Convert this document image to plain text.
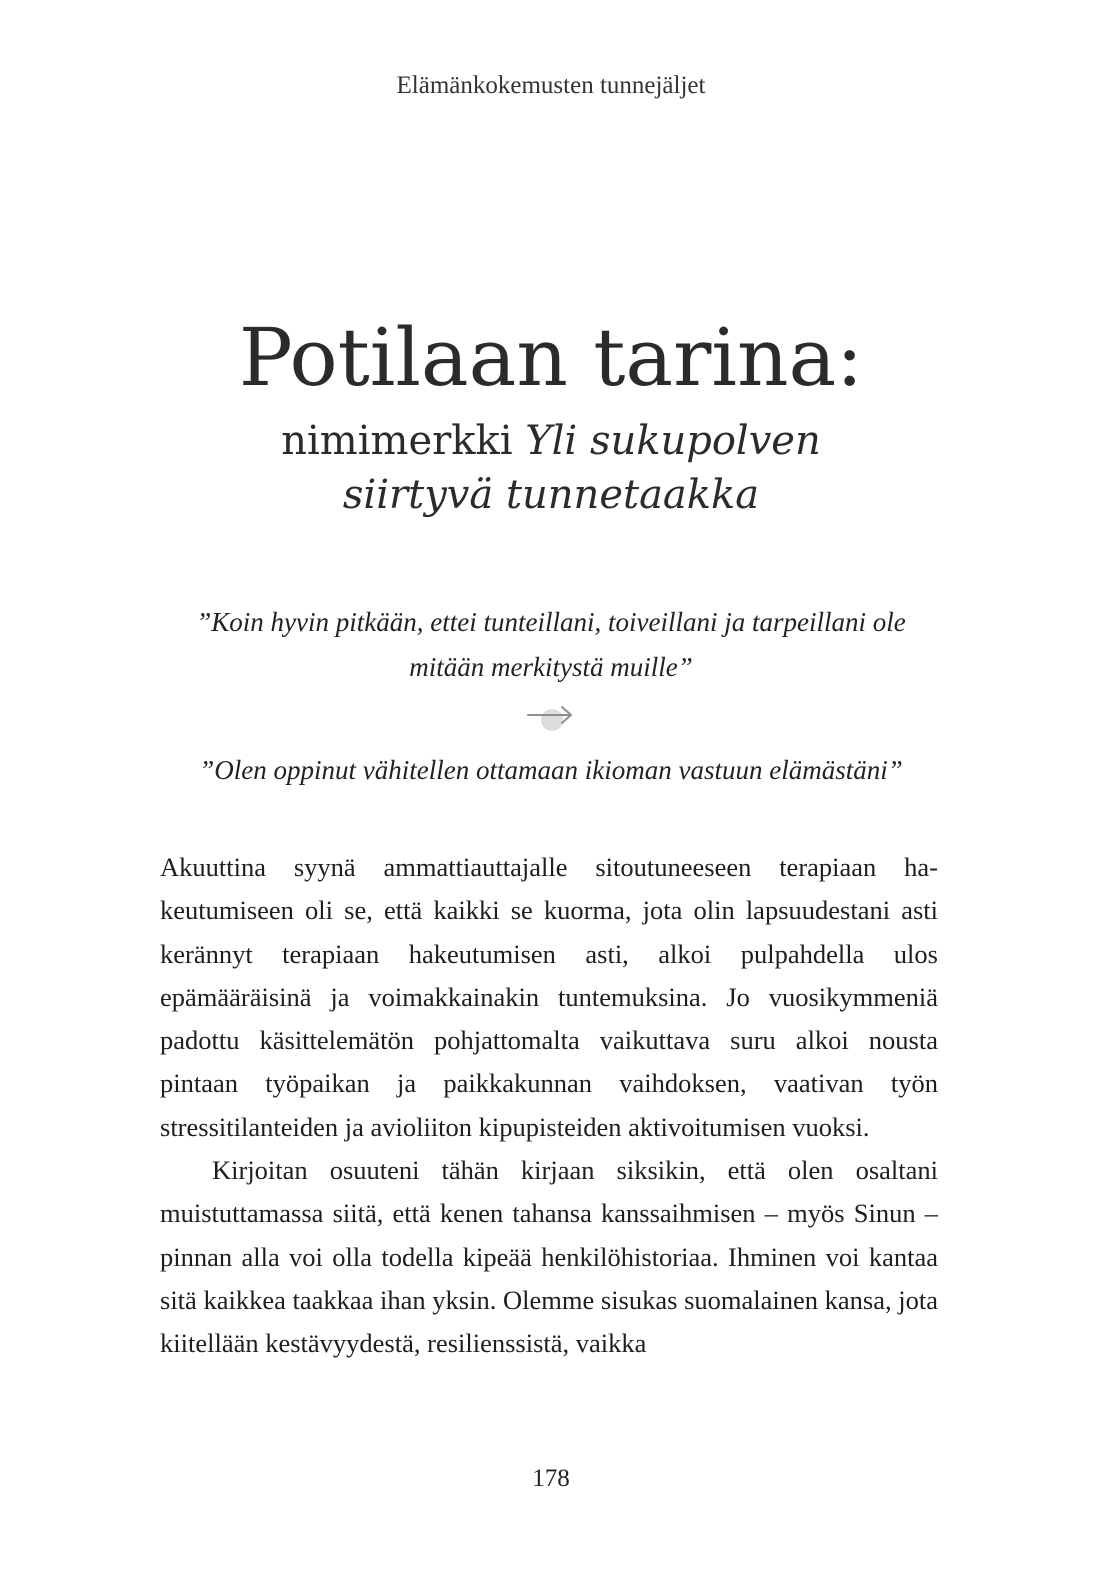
Elämänkokemusten tunnejäljet
Potilaan tarina:
nimimerkki Yli sukupolven
siirtyvä tunnetaakka
”Koin hyvin pitkään, ettei tunteillani, toiveillani ja tarpeillani ole
mitään merkitystä muille”
”Olen oppinut vähitellen ottamaan ikioman vastuun elämästäni”

Akuuttina syynä ammattiauttajalle sitoutuneeseen terapiaan hakeutumiseen oli se, että kaikki se kuorma, jota olin lapsuudestani asti kerännyt terapiaan hakeutumisen asti, alkoi pulpahdella ulos epämääräisinä ja voimakkainakin tuntemuksina. Jo vuosikymmeniä padottu käsittelemätön pohjattomalta vaikuttava suru alkoi nousta pintaan työpaikan ja paikkakunnan vaihdoksen, vaativan työn stressitilanteiden ja avioliiton kipupisteiden aktivoitumisen vuoksi.

Kirjoitan osuuteni tähän kirjaan siksikin, että olen osaltani muistuttamassa siitä, että kenen tahansa kanssaihmisen – myös Sinun – pinnan alla voi olla todella kipeää henkilöhistoriaa. Ihminen voi kantaa sitä kaikkea taakkaa ihan yksin. Olemme sisukas suomalainen kansa, jota kiitellään kestävyydestä, resilienssistä, vaikka

178
